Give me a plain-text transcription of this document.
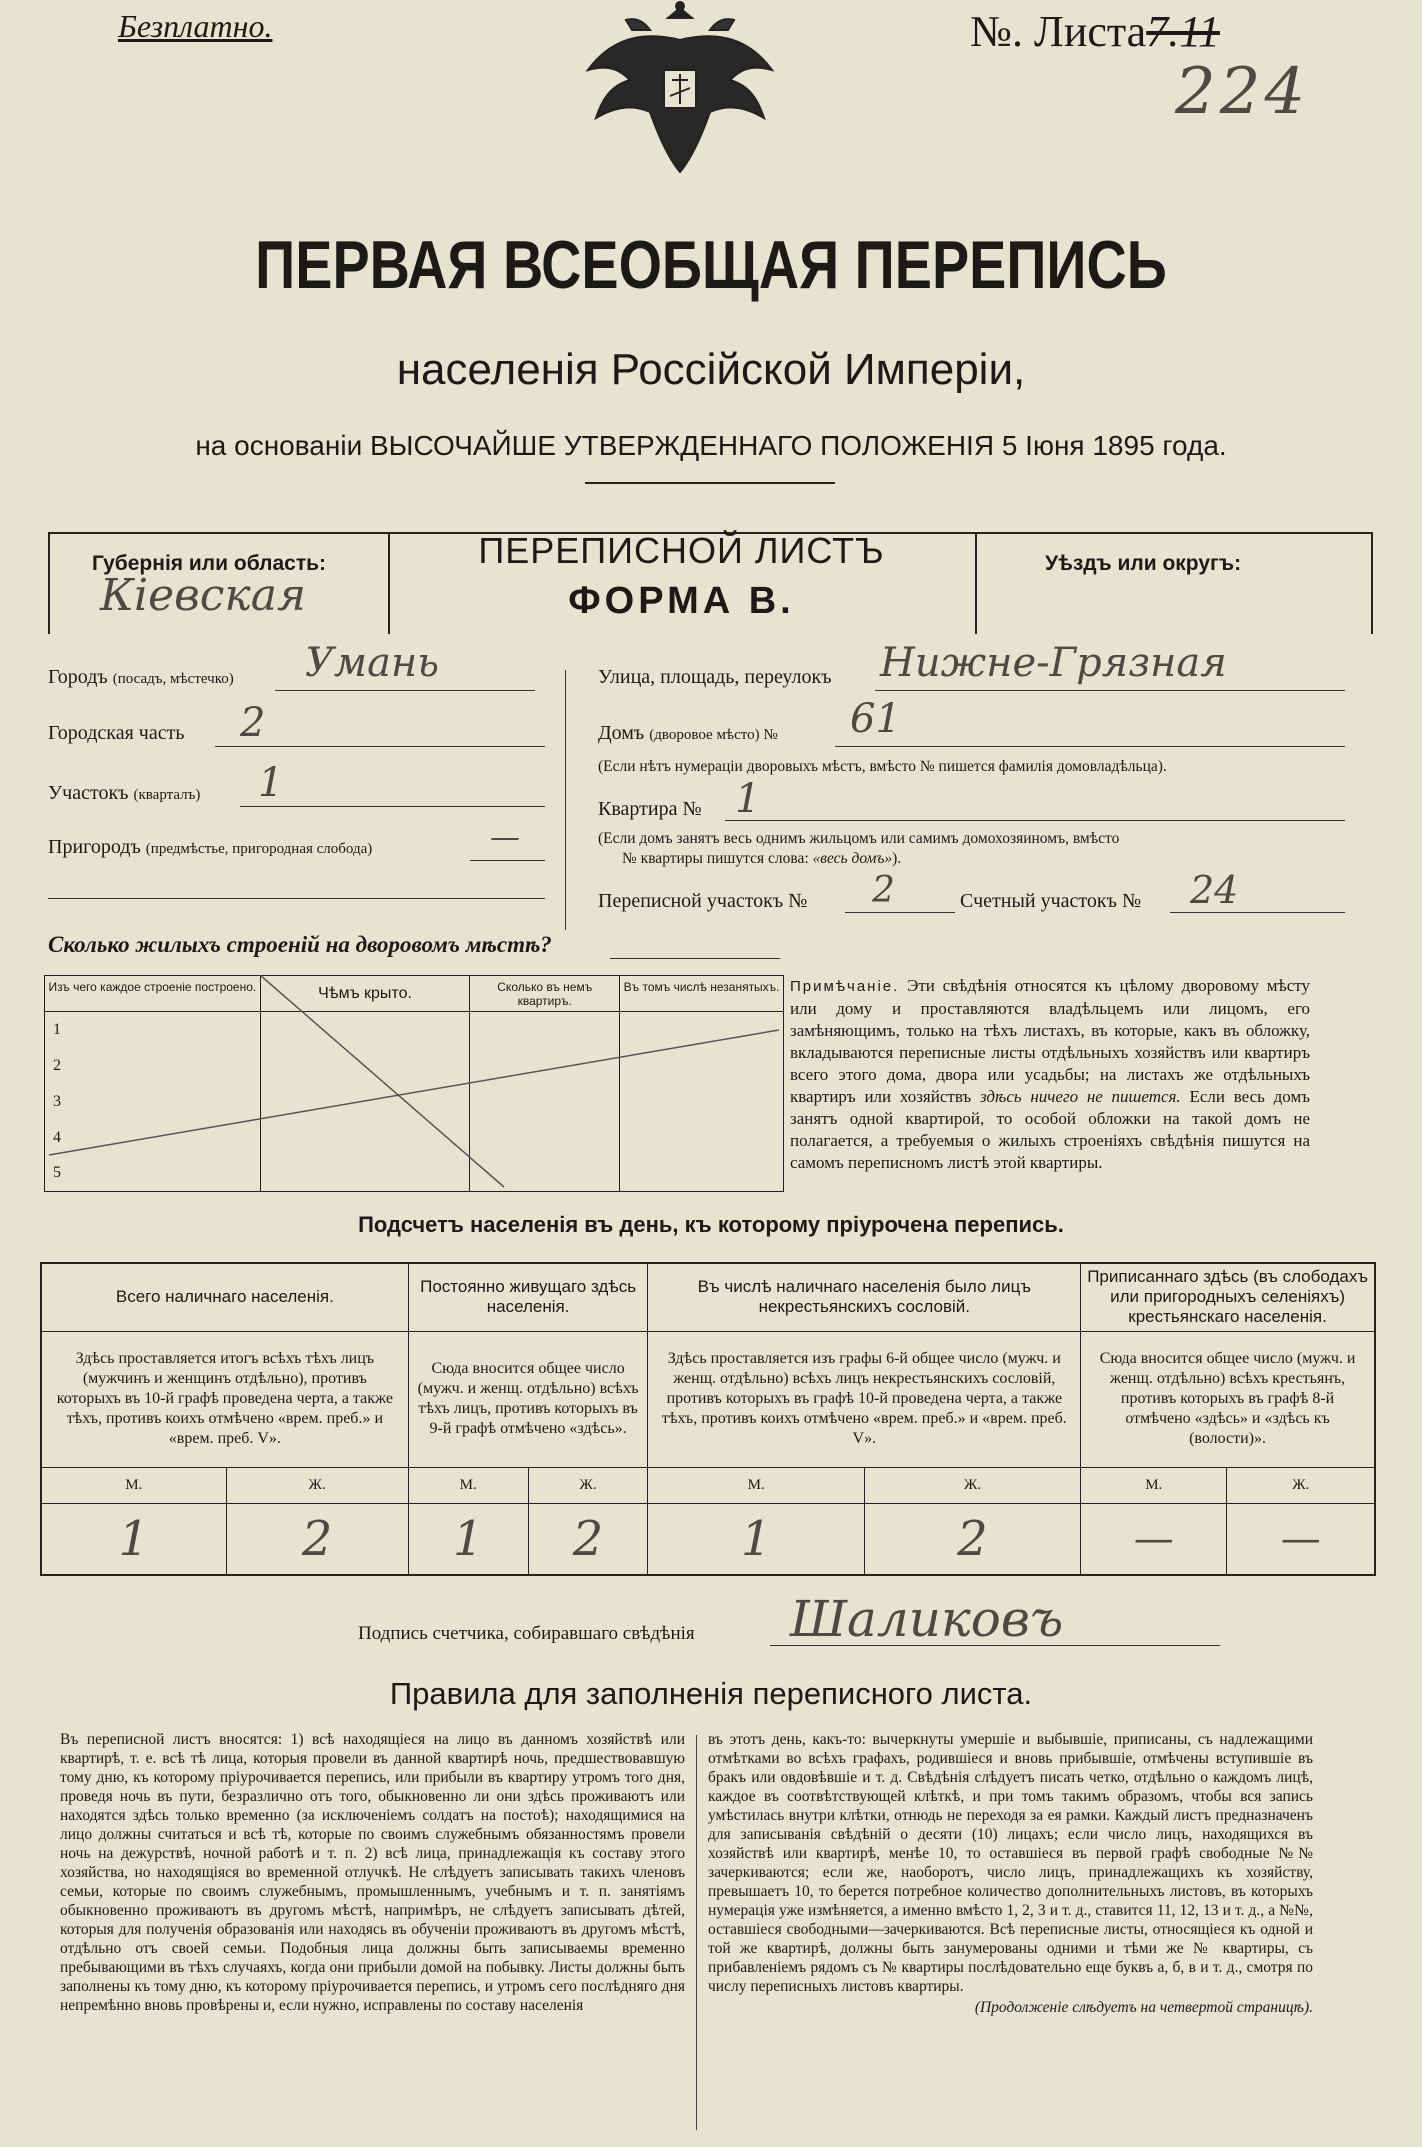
Безплатно.	№. Листа7.11
224
ПЕРВАЯ ВСЕОБЩАЯ ПЕРЕПИСЬ
населенія Россійской Имперіи,
на основаніи ВЫСОЧАЙШЕ УТВЕРЖДЕННАГО ПОЛОЖЕНІЯ 5 Іюня 1895 года.
Губернія или область:
Кіевская
ПЕРЕПИСНОЙ ЛИСТЪ
ФОРМА В.
Уѣздъ или округъ:
Городъ (посадъ, мѣстечко) Умань
Городская часть 2
Участокъ (кварталъ) 1
Пригородъ (предмѣстье, пригородная слобода)	—
Улица, площадь, переулокъ Нижне-Грязная
Домъ (дворовое мѣсто) № 61
(Если нѣтъ нумераціи дворовыхъ мѣстъ, вмѣсто № пишется фамилія домовладѣльца).
Квартира № 1
(Если домъ занятъ весь однимъ жильцомъ или самимъ домохозяиномъ, вмѣсто
№ квартиры пишутся слова: «весь домъ»).
Переписной участокъ № 2	Счетный участокъ № 24
Сколько жилыхъ строеній на дворовомъ мѣстѣ?
Изъ чего каждое строеніе построено.	Чѣмъ крыто.	Сколько въ немъ квартиръ.	Въ томъ числѣ незанятыхъ.
1			
2			
3			
4			
5			
Примѣчаніе. Эти свѣдѣнія относятся къ цѣлому дворовому мѣсту или дому и проставляются владѣльцемъ или лицомъ, его замѣняющимъ, только на тѣхъ листахъ, въ которые, какъ въ обложку, вкладываются переписные листы отдѣльныхъ хозяйствъ или квартиръ всего этого дома, двора или усадьбы; на листахъ же отдѣльныхъ квартиръ или хозяйствъ здѣсь ничего не пишется. Если весь домъ занятъ одной квартирой, то особой обложки на такой домъ не полагается, а требуемыя о жилыхъ строеніяхъ свѣдѣнія пишутся на самомъ переписномъ листѣ этой квартиры.
Подсчетъ населенія въ день, къ которому пріурочена перепись.
Всего наличнаго населенія.		Постоянно живущаго здѣсь населенія.		Въ числѣ наличнаго населенія было лицъ некрестьянскихъ сословій.		Приписаннаго здѣсь (въ слободахъ или пригородныхъ селеніяхъ) крестьянскаго населенія.	
Здѣсь проставляется итогъ всѣхъ тѣхъ лицъ (мужчинъ и женщинъ отдѣльно), противъ которыхъ въ 10-й графѣ проведена черта, а также тѣхъ, противъ коихъ отмѣчено «врем. преб.» и «врем. преб. V».		Сюда вносится общее число (мужч. и женщ. отдѣльно) всѣхъ тѣхъ лицъ, противъ которыхъ въ 9-й графѣ отмѣчено «здѣсь».		Здѣсь проставляется изъ графы 6-й общее число (мужч. и женщ. отдѣльно) всѣхъ лицъ некрестьянскихъ сословій, противъ которыхъ въ графѣ 10-й проведена черта, а также тѣхъ, противъ коихъ отмѣчено «врем. преб.» и «врем. преб. V».		Сюда вносится общее число (мужч. и женщ. отдѣльно) всѣхъ крестьянъ, противъ которыхъ въ графѣ 8-й отмѣчено «здѣсь» и «здѣсь къ (волости)».	
М.	Ж.	М.	Ж.	М.	Ж.	М.	Ж.
1	2	1	2	1	2	—	—
Подпись счетчика, собиравшаго свѣдѣнія Шаликовъ
Правила для заполненія переписного листа.
Въ переписной листъ вносятся: 1) всѣ находящіеся на лицо въ данномъ хозяйствѣ или квартирѣ, т. е. всѣ тѣ лица, которыя провели въ данной квартирѣ ночь, предшествовавшую тому дню, къ которому пріурочивается перепись, или прибыли въ квартиру утромъ того дня, проведя ночь въ пути, безразлично отъ того, обыкновенно ли они здѣсь проживаютъ или находятся здѣсь только временно (за исключеніемъ солдатъ на постоѣ); находящимися на лицо должны считаться и всѣ тѣ, которые по своимъ служебнымъ обязанностямъ провели ночь на дежурствѣ, ночной работѣ и т. п. 2) всѣ лица, принадлежащія къ составу этого хозяйства, но находящіяся во временной отлучкѣ. Не слѣдуетъ записывать такихъ членовъ семьи, которые по своимъ служебнымъ, промышленнымъ, учебнымъ и т. п. занятіямъ обыкновенно проживаютъ въ другомъ мѣстѣ, напримѣръ, не слѣдуетъ записывать дѣтей, которыя для полученія образованія или находясь въ обученіи проживаютъ въ другомъ мѣстѣ, отдѣльно отъ своей семьи. Подобныя лица должны быть записываемы временно пребывающими въ тѣхъ случаяхъ, когда они прибыли домой на побывку. Листы должны быть заполнены къ тому дню, къ которому пріурочивается перепись, и утромъ сего послѣдняго дня непремѣнно вновь провѣрены и, если нужно, исправлены по составу населенія
въ этотъ день, какъ-то: вычеркнуты умершіе и выбывшіе, приписаны, съ надлежащими отмѣтками во всѣхъ графахъ, родившіеся и вновь прибывшіе, отмѣчены вступившіе въ бракъ или овдовѣвшіе и т. д. Свѣдѣнія слѣдуетъ писать четко, отдѣльно о каждомъ лицѣ, каждое въ соотвѣтствующей клѣткѣ, и при томъ такимъ образомъ, чтобы вся запись умѣстилась внутри клѣтки, отнюдь не переходя за ея рамки. Каждый листъ предназначенъ для записыванія свѣдѣній о десяти (10) лицахъ; если число лицъ, находящихся въ хозяйствѣ или квартирѣ, менѣе 10, то оставшіеся въ первой графѣ свободные №№ зачеркиваются; если же, наоборотъ, число лицъ, принадлежащихъ къ хозяйству, превышаетъ 10, то берется потребное количество дополнительныхъ листовъ, въ которыхъ нумерація уже измѣняется, а именно вмѣсто 1, 2, 3 и т. д., ставится 11, 12, 13 и т. д., а №№, оставшіеся свободными—зачеркиваются. Всѣ переписные листы, относящіеся къ одной и той же квартирѣ, должны быть занумерованы одними и тѣми же № квартиры, съ прибавленіемъ рядомъ съ № квартиры послѣдовательно еще буквъ а, б, в и т. д., смотря по числу переписныхъ листовъ квартиры.
(Продолженіе слѣдуетъ на четвертой страницѣ).
